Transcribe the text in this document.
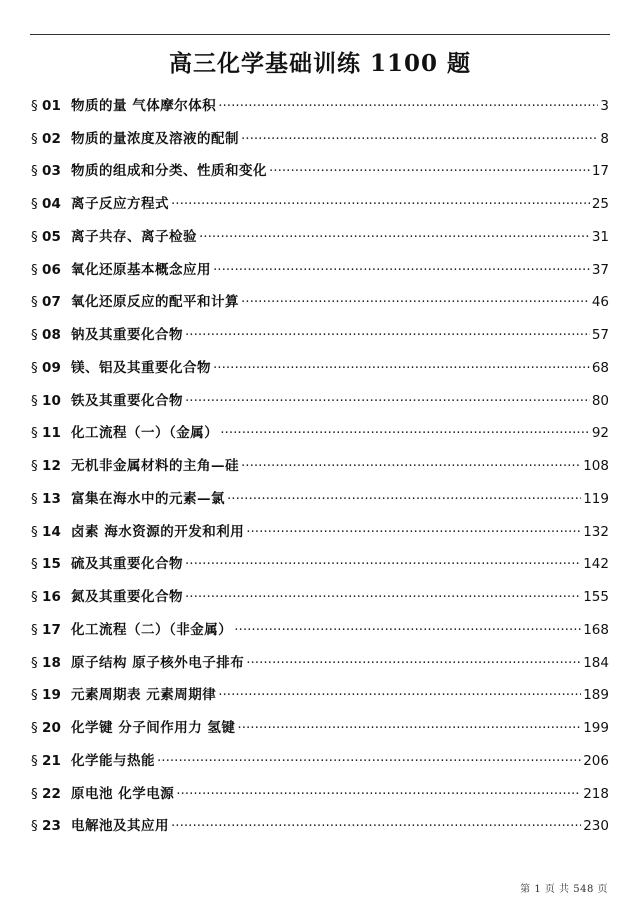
高三化学基础训练 1100 题
§ 01 物质的量 气体摩尔体积 ·····	3
§ 02 物质的量浓度及溶液的配制 ·····	8
§ 03 物质的组成和分类、性质和变化 ·····	17
§ 04 离子反应方程式 ·····	25
§ 05 离子共存、离子检验 ·····	31
§ 06 氧化还原基本概念应用 ·····	37
§ 07 氧化还原反应的配平和计算 ·····	46
§ 08 钠及其重要化合物 ·····	57
§ 09 镁、铝及其重要化合物 ·····	68
§ 10 铁及其重要化合物 ·····	80
§ 11 化工流程（一）（金属） ·····	92
§ 12 无机非金属材料的主角—硅 ·····	108
§ 13 富集在海水中的元素—氯 ·····	119
§ 14 卤素 海水资源的开发和利用 ·····	132
§ 15 硫及其重要化合物 ·····	142
§ 16 氮及其重要化合物 ·····	155
§ 17 化工流程（二）（非金属） ·····	168
§ 18 原子结构 原子核外电子排布 ·····	184
§ 19 元素周期表 元素周期律 ·····	189
§ 20 化学键 分子间作用力 氢键 ·····	199
§ 21 化学能与热能 ·····	206
§ 22 原电池 化学电源 ·····	218
§ 23 电解池及其应用 ·····	230
第 1 页 共 548 页
